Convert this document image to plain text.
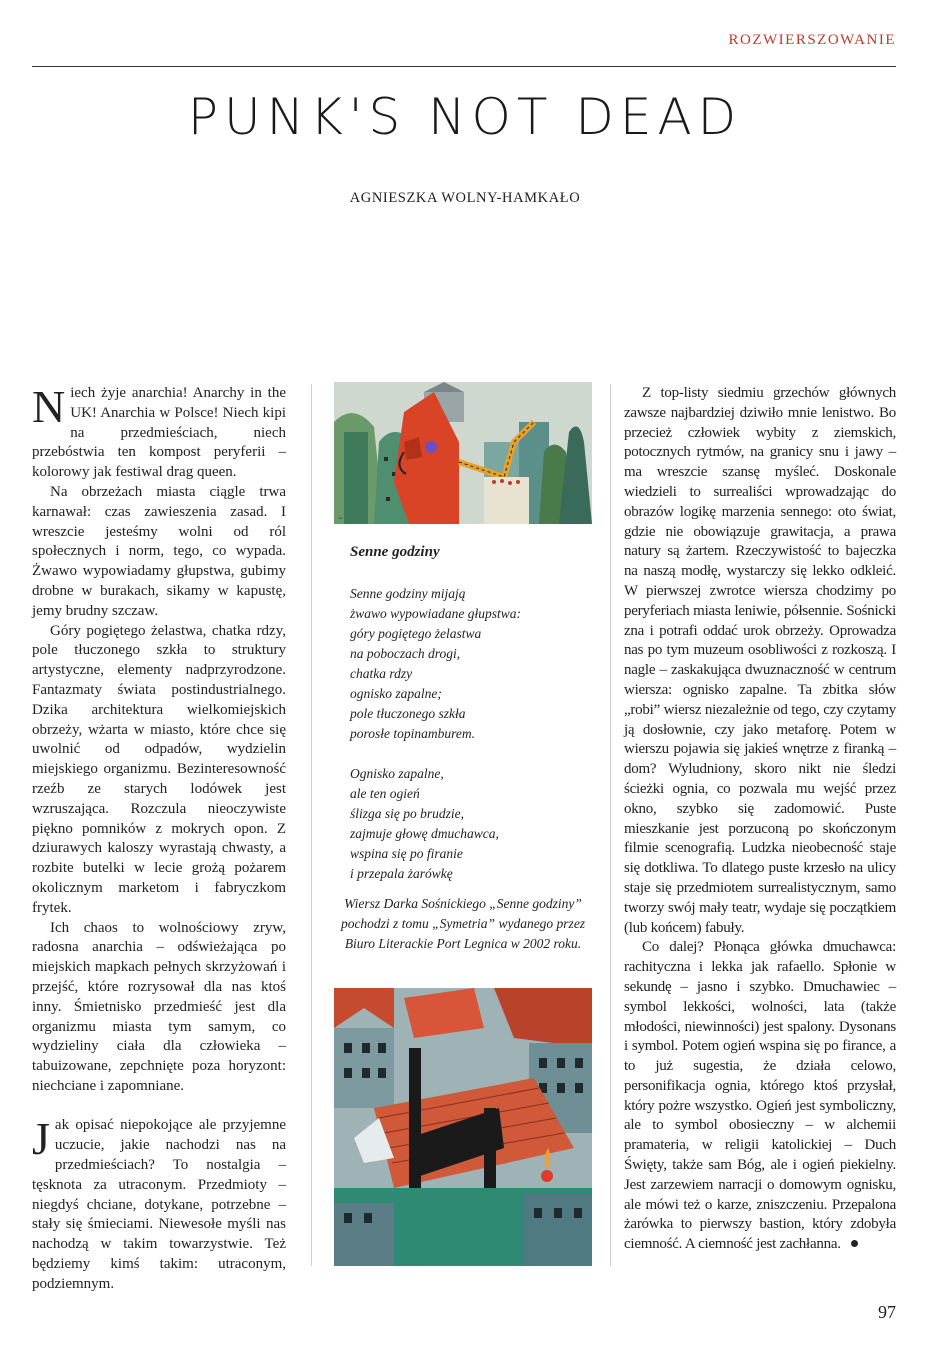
ROZWIERSZOWANIE
PUNK'S NOT DEAD
AGNIESZKA WOLNY-HAMKAŁO

Niech żyje anarchia! Anarchy in the UK! Anarchia w Polsce! Niech kipi na przedmieściach, niech przebóstwia ten kompost peryferii – kolorowy jak festiwal drag queen.

Na obrzeżach miasta ciągle trwa karnawał: czas zawieszenia zasad. I wreszcie jesteśmy wolni od ról społecznych i norm, tego, co wypada. Żwawo wypowiadamy głupstwa, gubimy drobne w burakach, sikamy w kapustę, jemy brudny szczaw.

Góry pogiętego żelastwa, chatka rdzy, pole tłuczonego szkła to struktury artystyczne, elementy nadprzyrodzone. Fantazmaty świata postindustrialnego. Dzika architektura wielkomiejskich obrzeży, wżarta w miasto, które chce się uwolnić od odpadów, wydzielin miejskiego organizmu. Bezinteresowność rzeźb ze starych lodówek jest wzruszająca. Rozczula nieoczywiste piękno pomników z mokrych opon. Z dziurawych kaloszy wyrastają chwasty, a rozbite butelki w lecie grożą pożarem okolicznym marketom i fabryczkom frytek.

Ich chaos to wolnościowy zryw, radosna anarchia – odświeżająca po miejskich mapkach pełnych skrzyżowań i przejść, które rozrysował dla nas ktoś inny. Śmietnisko przedmieść jest dla organizmu miasta tym samym, co wydzieliny ciała dla człowieka – tabuizowane, zepchnięte poza horyzont: niechciane i zapomniane.

Jak opisać niepokojące ale przyjemne uczucie, jakie nachodzi nas na przedmieściach? To nostalgia – tęsknota za utraconym. Przedmioty – niegdyś chciane, dotykane, potrzebne – stały się śmieciami. Niewesołe myśli nas nachodzą w takim towarzystwie. Też będziemy kimś takim: utraconym, podziemnym.

~
Senne godziny
Senne godziny mijają
żwawo wypowiadane głupstwa:
góry pogiętego żelastwa
na poboczach drogi,
chatka rdzy
ognisko zapalne;
pole tłuczonego szkła
porosłe topinamburem.
Ognisko zapalne,
ale ten ogień
ślizga się po brudzie,
zajmuje głowę dmuchawca,
wspina się po firanie
i przepala żarówkę
Wiersz Darka Sośnickiego „Senne godziny” pochodzi z tomu „Symetria” wydanego przez Biuro Literackie Port Legnica w 2002 roku.

Z top-listy siedmiu grzechów głównych zawsze najbardziej dziwiło mnie lenistwo. Bo przecież człowiek wybity z ziemskich, potocznych rytmów, na granicy snu i jawy – ma wreszcie szansę myśleć. Doskonale wiedzieli to surrealiści wprowadzając do obrazów logikę marzenia sennego: oto świat, gdzie nie obowiązuje grawitacja, a prawa natury są żartem. Rzeczywistość to bajeczka na naszą modłę, wystarczy się lekko odkleić. W pierwszej zwrotce wiersza chodzimy po peryferiach miasta leniwie, półsennie. Sośnicki zna i potrafi oddać urok obrzeży. Oprowadza nas po tym muzeum osobliwości z rozkoszą. I nagle – zaskakująca dwuznaczność w centrum wiersza: ognisko zapalne. Ta zbitka słów „robi” wiersz niezależnie od tego, czy czytamy ją dosłownie, czy jako metaforę. Potem w wierszu pojawia się jakieś wnętrze z firanką – dom? Wyludniony, skoro nikt nie śledzi ścieżki ognia, co pozwala mu wejść przez okno, szybko się zadomowić. Puste mieszkanie jest porzuconą po skończonym filmie scenografią. Ludzka nieobecność staje się dotkliwa. To dlatego puste krzesło na ulicy staje się przedmiotem surrealistycznym, samo tworzy swój mały teatr, wydaje się początkiem (lub końcem) fabuły.

Co dalej? Płonąca główka dmuchawca: rachityczna i lekka jak rafaello. Spłonie w sekundę – jasno i szybko. Dmuchawiec – symbol lekkości, wolności, lata (także młodości, niewinności) jest spalony. Dysonans i symbol. Potem ogień wspina się po firance, a to już sugestia, że działa celowo, personifikacja ognia, którego ktoś przysłał, który pożre wszystko. Ogień jest symboliczny, ale to symbol obosieczny – w alchemii pramateria, w religii katolickiej – Duch Święty, także sam Bóg, ale i ogień piekielny. Jest zarzewiem narracji o domowym ognisku, ale mówi też o karze, zniszczeniu. Przepalona żarówka to pierwszy bastion, który zdobyła ciemność. A ciemność jest zachłanna.

97
